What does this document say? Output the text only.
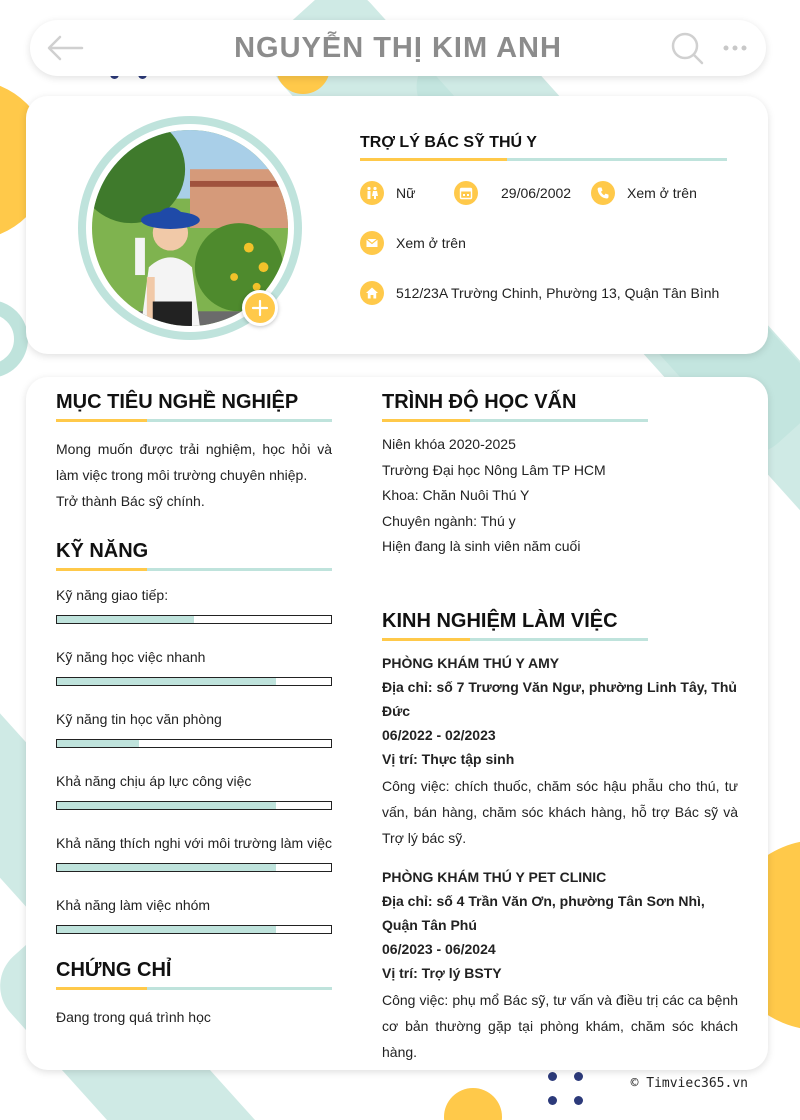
NGUYỄN THỊ KIM ANH
TRỢ LÝ BÁC SỸ THÚ Y
Nữ	29/06/2002	Xem ở trên
Xem ở trên
512/23A Trường Chinh, Phường 13, Quận Tân Bình
MỤC TIÊU NGHỀ NGHIỆP

Mong muốn được trải nghiệm, học hỏi và làm việc trong môi trường chuyên nhiệp.

Trở thành Bác sỹ chính.

KỸ NĂNG
Kỹ năng giao tiếp:
Kỹ năng học việc nhanh
Kỹ năng tin học văn phòng
Khả năng chịu áp lực công việc
Khả năng thích nghi với môi trường làm việc
Khả năng làm việc nhóm
CHỨNG CHỈ

Đang trong quá trình học

TRÌNH ĐỘ HỌC VẤN
Niên khóa 2020-2025
Trường Đại học Nông Lâm TP HCM
Khoa: Chăn Nuôi Thú Y
Chuyên ngành: Thú y
Hiện đang là sinh viên năm cuối
KINH NGHIỆM LÀM VIỆC
PHÒNG KHÁM THÚ Y AMY
Địa chỉ: số 7 Trương Văn Ngư, phường Linh Tây, Thủ Đức
06/2022 - 02/2023
Vị trí: Thực tập sinh
Công việc: chích thuốc, chăm sóc hậu phẫu cho thú, tư vấn, bán hàng, chăm sóc khách hàng, hỗ trợ Bác sỹ và Trợ lý bác sỹ.
PHÒNG KHÁM THÚ Y PET CLINIC
Địa chỉ: số 4 Trần Văn Ơn, phường Tân Sơn Nhì, Quận Tân Phú
06/2023 - 06/2024
Vị trí: Trợ lý BSTY
Công việc: phụ mổ Bác sỹ, tư vấn và điều trị các ca bệnh cơ bản thường gặp tại phòng khám, chăm sóc khách hàng.
© Timviec365.vn
